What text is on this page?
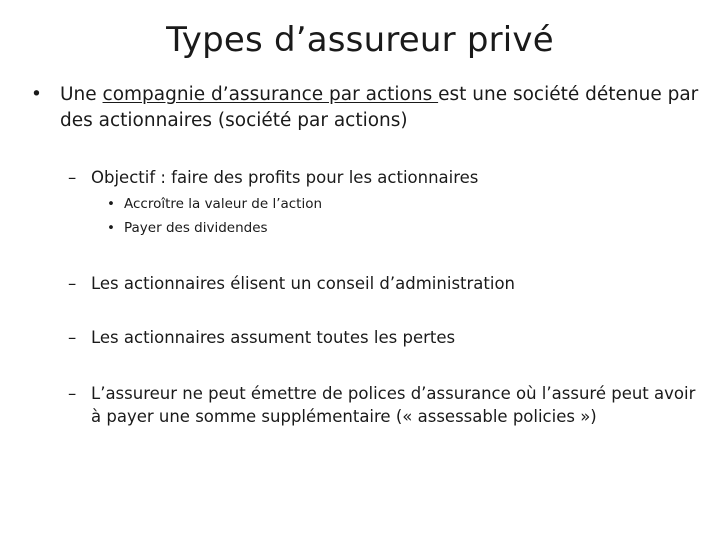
Types d’assureur privé
• Une compagnie d’assurance par actions est une société détenue par des actionnaires (société par actions)
– Objectif : faire des profits pour les actionnaires
• Accroître la valeur de l’action
• Payer des dividendes
– Les actionnaires élisent un conseil d’administration
– Les actionnaires assument toutes les pertes
– L’assureur ne peut émettre de polices d’assurance où l’assuré peut avoir à payer une somme supplémentaire (« assessable policies »)
